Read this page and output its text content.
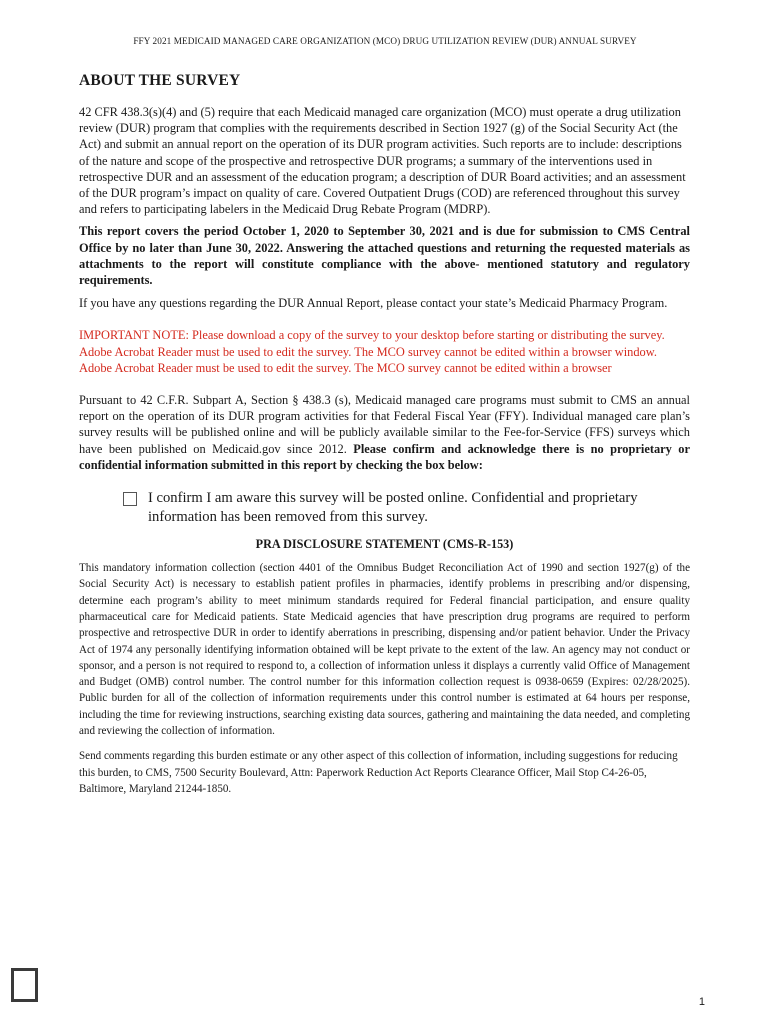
FFY 2021 MEDICAID MANAGED CARE ORGANIZATION (MCO) DRUG UTILIZATION REVIEW (DUR) ANNUAL SURVEY
ABOUT THE SURVEY

42 CFR 438.3(s)(4) and (5) require that each Medicaid managed care organization (MCO) must operate a drug utilization review (DUR) program that complies with the requirements described in Section 1927 (g) of the Social Security Act (the Act) and submit an annual report on the operation of its DUR program activities. Such reports are to include: descriptions of the nature and scope of the prospective and retrospective DUR programs; a summary of the interventions used in retrospective DUR and an assessment of the education program; a description of DUR Board activities; and an assessment of the DUR program’s impact on quality of care. Covered Outpatient Drugs (COD) are referenced throughout this survey and refers to participating labelers in the Medicaid Drug Rebate Program (MDRP).

This report covers the period October 1, 2020 to September 30, 2021 and is due for submission to CMS Central Office by no later than June 30, 2022. Answering the attached questions and returning the requested materials as attachments to the report will constitute compliance with the above- mentioned statutory and regulatory requirements.

If you have any questions regarding the DUR Annual Report, please contact your state’s Medicaid Pharmacy Program.

IMPORTANT NOTE: Please download a copy of the survey to your desktop before starting or distributing the survey. Adobe Acrobat Reader must be used to edit the survey. The MCO survey cannot be edited within a browser window. Adobe Acrobat Reader must be used to edit the survey. The MCO survey cannot be edited within a browser

Pursuant to 42 C.F.R. Subpart A, Section § 438.3 (s), Medicaid managed care programs must submit to CMS an annual report on the operation of its DUR program activities for that Federal Fiscal Year (FFY). Individual managed care plan’s survey results will be published online and will be publicly available similar to the Fee-for-Service (FFS) surveys which have been published on Medicaid.gov since 2012. Please confirm and acknowledge there is no proprietary or confidential information submitted in this report by checking the box below:

I confirm I am aware this survey will be posted online. Confidential and proprietary information has been removed from this survey.
PRA DISCLOSURE STATEMENT (CMS-R-153)

This mandatory information collection (section 4401 of the Omnibus Budget Reconciliation Act of 1990 and section 1927(g) of the Social Security Act) is necessary to establish patient profiles in pharmacies, identify problems in prescribing and/or dispensing, determine each program’s ability to meet minimum standards required for Federal financial participation, and ensure quality pharmaceutical care for Medicaid patients. State Medicaid agencies that have prescription drug programs are required to perform prospective and retrospective DUR in order to identify aberrations in prescribing, dispensing and/or patient behavior. Under the Privacy Act of 1974 any personally identifying information obtained will be kept private to the extent of the law. An agency may not conduct or sponsor, and a person is not required to respond to, a collection of information unless it displays a currently valid Office of Management and Budget (OMB) control number. The control number for this information collection request is 0938-0659 (Expires: 02/28/2025). Public burden for all of the collection of information requirements under this control number is estimated at 64 hours per response, including the time for reviewing instructions, searching existing data sources, gathering and maintaining the data needed, and completing and reviewing the collection of information.

Send comments regarding this burden estimate or any other aspect of this collection of information, including suggestions for reducing this burden, to CMS, 7500 Security Boulevard, Attn: Paperwork Reduction Act Reports Clearance Officer, Mail Stop C4-26-05, Baltimore, Maryland 21244-1850.

1
